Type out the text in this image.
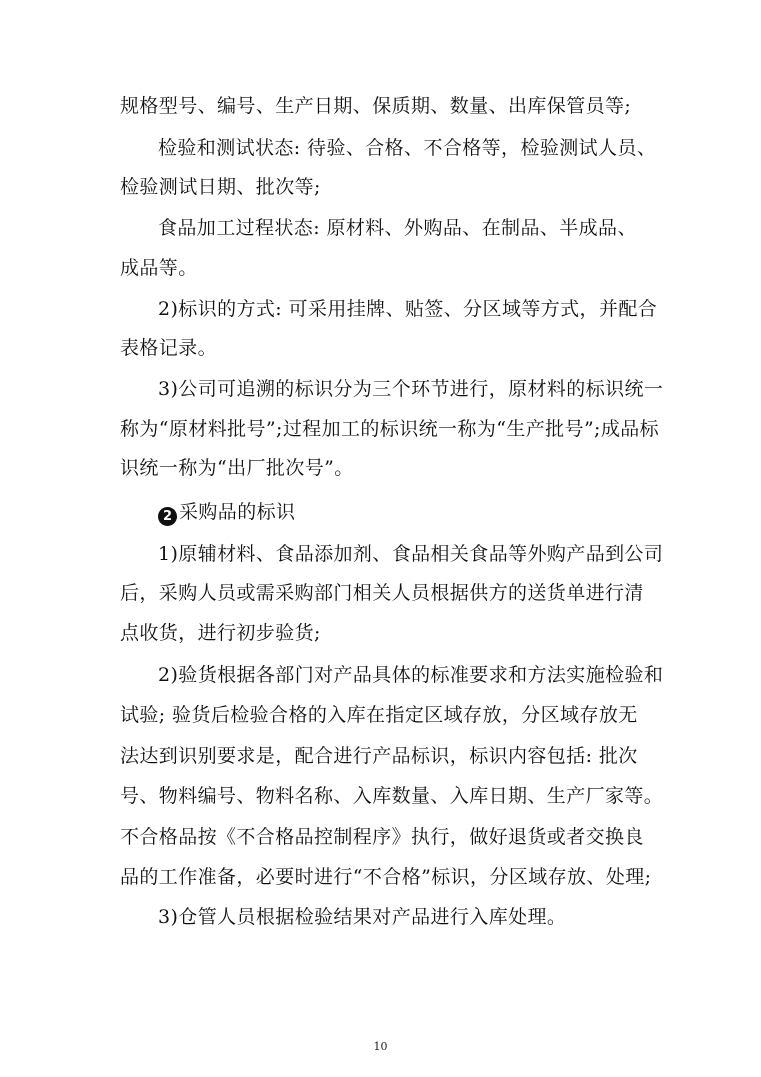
规格型号、编号、生产日期、保质期、数量、出库保管员等;
检验和测试状态: 待验、合格、不合格等，检验测试人员、
检验测试日期、批次等;
食品加工过程状态: 原材料、外购品、在制品、半成品、
成品等。
2)标识的方式: 可采用挂牌、贴签、分区域等方式，并配合
表格记录。
3)公司可追溯的标识分为三个环节进行，原材料的标识统一
称为“原材料批号”;过程加工的标识统一称为“生产批号”;成品标
识统一称为“出厂批次号”。
2 采购品的标识
1)原辅材料、食品添加剂、食品相关食品等外购产品到公司
后，采购人员或需采购部门相关人员根据供方的送货单进行清
点收货，进行初步验货;
2)验货根据各部门对产品具体的标准要求和方法实施检验和
试验; 验货后检验合格的入库在指定区域存放，分区域存放无
法达到识别要求是，配合进行产品标识，标识内容包括: 批次
号、物料编号、物料名称、入库数量、入库日期、生产厂家等。
不合格品按《不合格品控制程序》执行，做好退货或者交换良
品的工作准备，必要时进行“不合格”标识，分区域存放、处理;
3)仓管人员根据检验结果对产品进行入库处理。
10
